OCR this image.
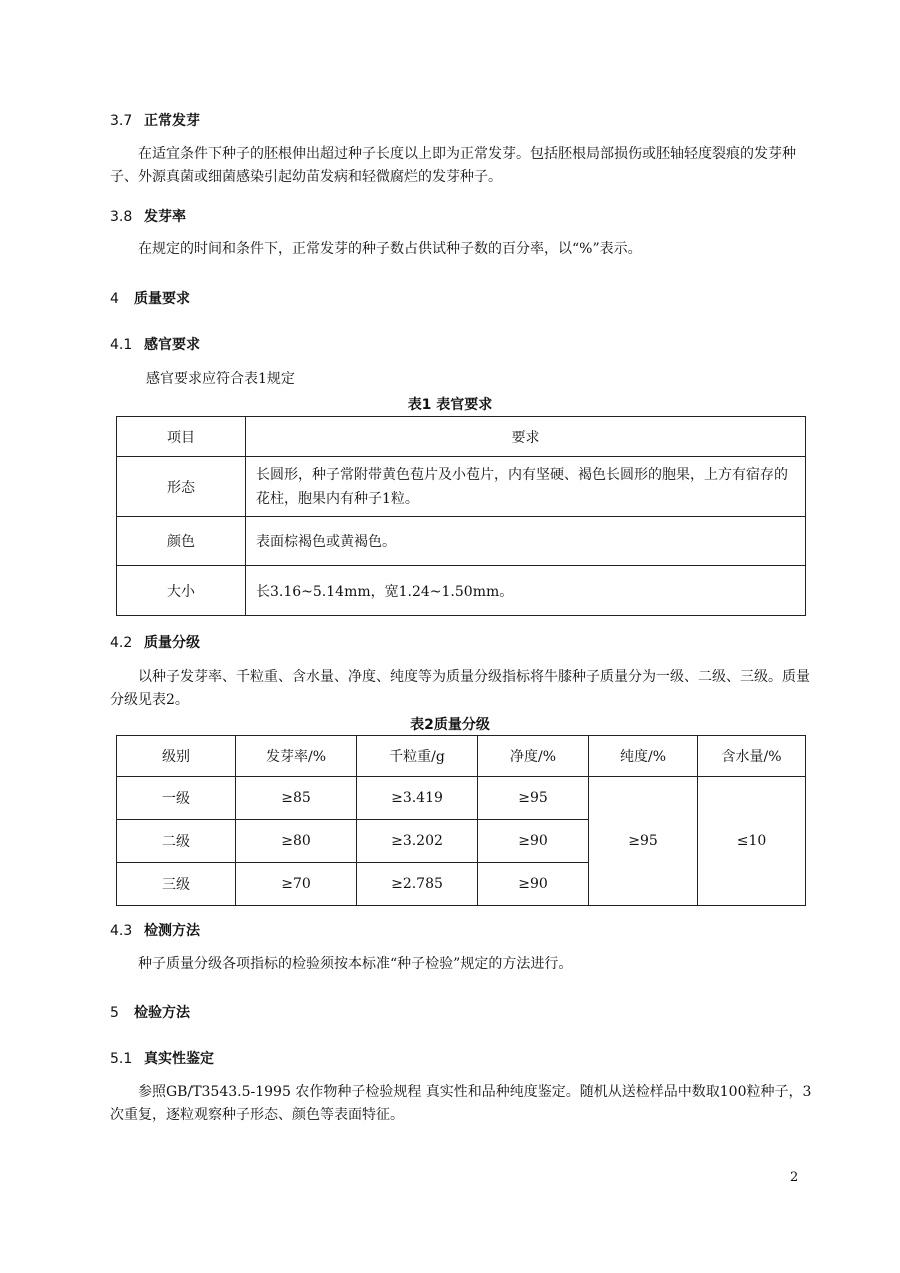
3.7 正常发芽
在适宜条件下种子的胚根伸出超过种子长度以上即为正常发芽。包括胚根局部损伤或胚轴轻度裂痕的发芽种子、外源真菌或细菌感染引起幼苗发病和轻微腐烂的发芽种子。
3.8 发芽率
在规定的时间和条件下，正常发芽的种子数占供试种子数的百分率，以“%”表示。
4 质量要求
4.1 感官要求
感官要求应符合表1规定
表1 表官要求
项目	要求
形态	长圆形，种子常附带黄色苞片及小苞片，内有坚硬、褐色长圆形的胞果，上方有宿存的花柱，胞果内有种子1粒。
颜色	表面棕褐色或黄褐色。
大小	长3.16~5.14mm，宽1.24~1.50mm。
4.2 质量分级
以种子发芽率、千粒重、含水量、净度、纯度等为质量分级指标将牛膝种子质量分为一级、二级、三级。质量分级见表2。
表2质量分级
级别	发芽率/%	千粒重/g	净度/%	纯度/%	含水量/%
一级	≥85	≥3.419	≥95	≥95	≤10
二级	≥80	≥3.202	≥90		
三级	≥70	≥2.785	≥90		
4.3 检测方法
种子质量分级各项指标的检验须按本标准“种子检验”规定的方法进行。
5 检验方法
5.1 真实性鉴定
参照GB/T3543.5-1995 农作物种子检验规程 真实性和品种纯度鉴定。随机从送检样品中数取100粒种子，3次重复，逐粒观察种子形态、颜色等表面特征。
2
